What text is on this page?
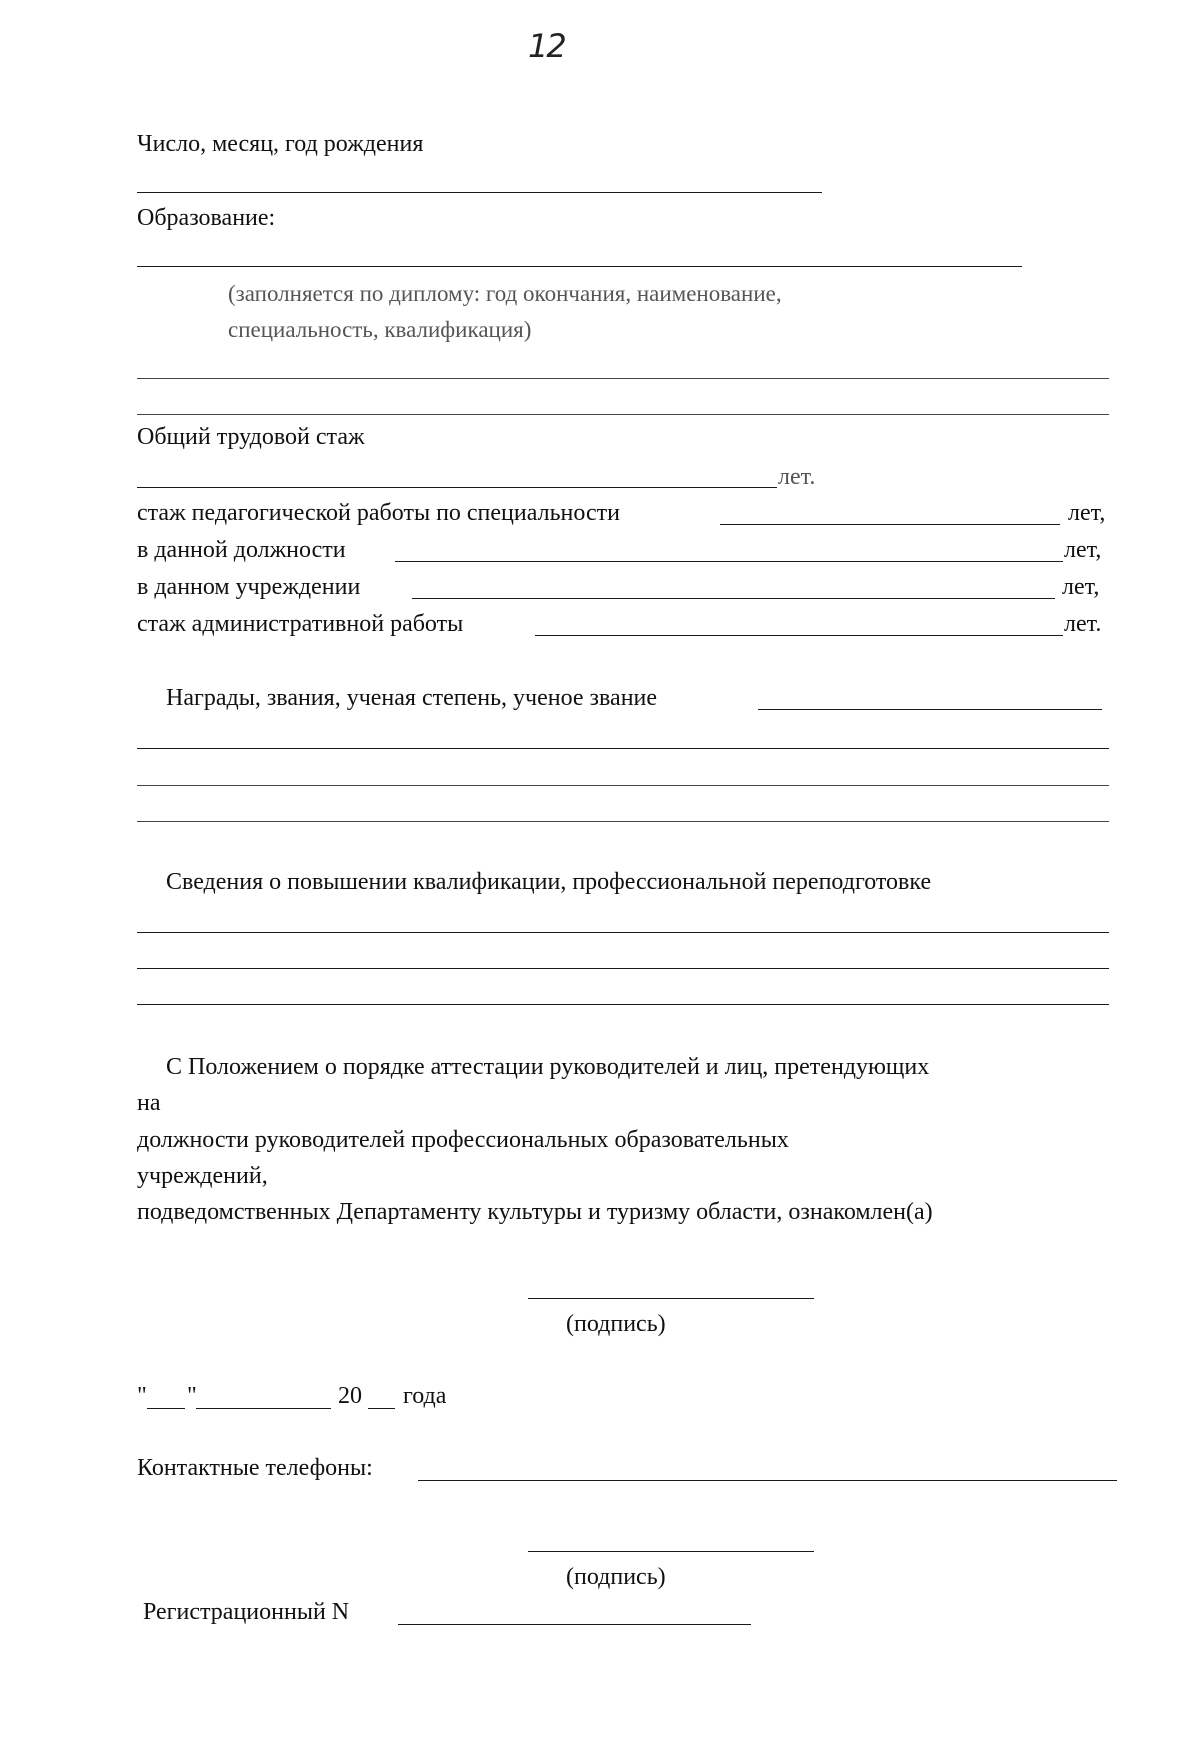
12
Число, месяц, год рождения
Образование:
(заполняется по диплому: год окончания, наименование,
специальность, квалификация)
Общий трудовой стаж
лет.
стаж педагогической работы по специальности	лет,
в данной должности	лет,
в данном учреждении	лет,
стаж административной работы	лет.
Награды, звания, ученая степень, ученое звание
Сведения о повышении квалификации, профессиональной переподготовке
С Положением о порядке аттестации руководителей и лиц, претендующих
на
должности руководителей профессиональных образовательных
учреждений,
подведомственных Департаменту культуры и туризму области, ознакомлен(а)
(подпись)
" "	20 года
Контактные телефоны:
(подпись)
Регистрационный N
